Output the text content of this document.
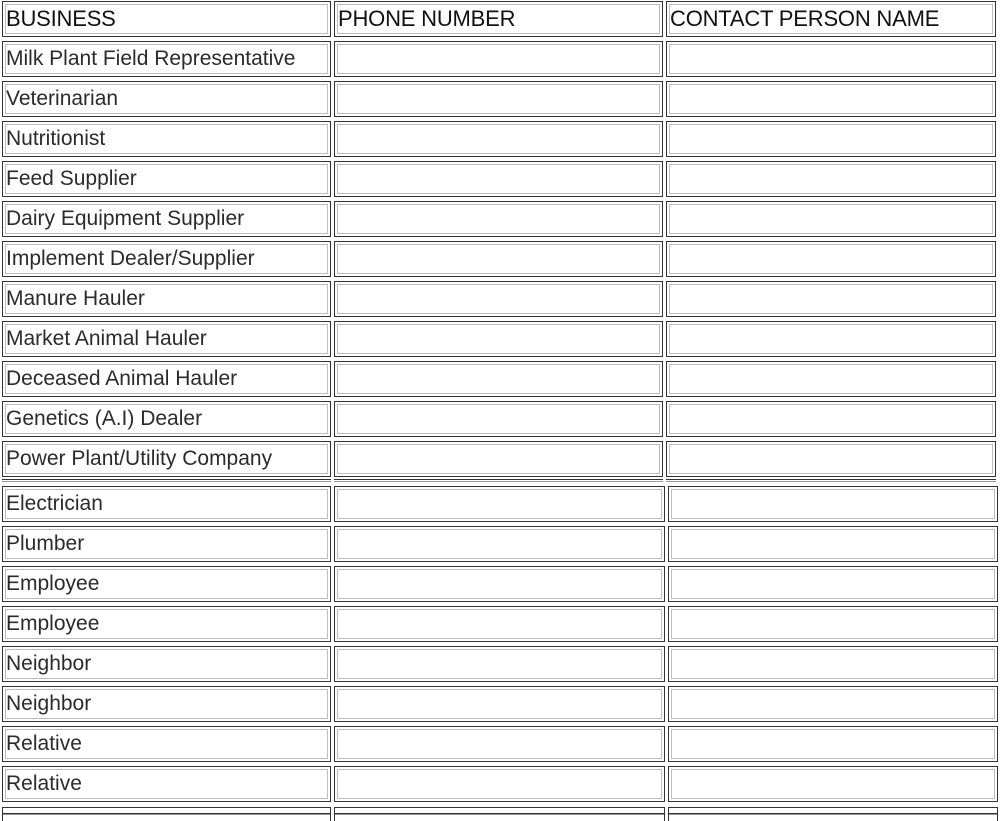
BUSINESS	PHONE NUMBER	CONTACT PERSON NAME
Milk Plant Field Representative
Veterinarian
Nutritionist
Feed Supplier
Dairy Equipment Supplier
Implement Dealer/Supplier
Manure Hauler
Market Animal Hauler
Deceased Animal Hauler
Genetics (A.I) Dealer
Power Plant/Utility Company
Electrician
Plumber
Employee
Employee
Neighbor
Neighbor
Relative
Relative
